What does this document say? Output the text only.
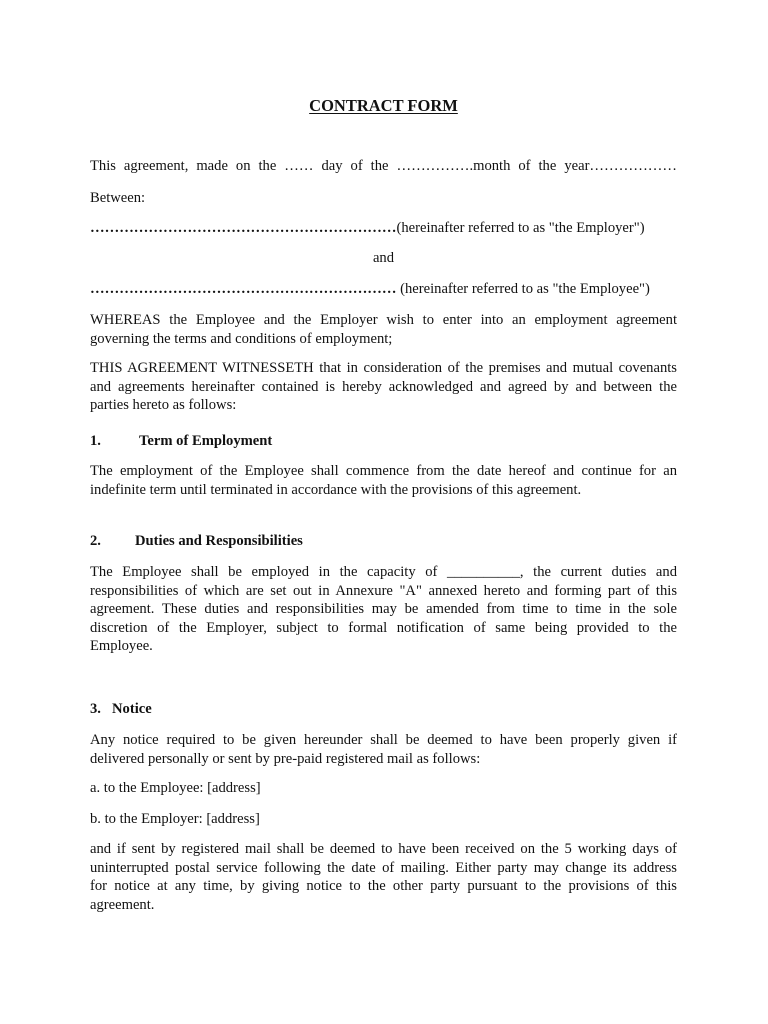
CONTRACT FORM
This agreement, made on the …… day of the …………….month of the year………………
Between:
………………………………………………………(hereinafter referred to as "the Employer")
and
……………………………………………………… (hereinafter referred to as "the Employee")
WHEREAS the Employee and the Employer wish to enter into an employment agreement
governing the terms and conditions of employment;
THIS AGREEMENT WITNESSETH that in consideration of the premises and mutual covenants
and agreements hereinafter contained is hereby acknowledged and agreed by and between the
parties hereto as follows:
1.	Term of Employment
The employment of the Employee shall commence from the date hereof and continue for an
indefinite term until terminated in accordance with the provisions of this agreement.
2. Duties and Responsibilities
The Employee shall be employed in the capacity of __________, the current duties and
responsibilities of which are set out in Annexure "A" annexed hereto and forming part of this
agreement. These duties and responsibilities may be amended from time to time in the sole
discretion of the Employer, subject to formal notification of same being provided to the
Employee.
3. Notice
Any notice required to be given hereunder shall be deemed to have been properly given if
delivered personally or sent by pre-paid registered mail as follows:
a. to the Employee: [address]
b. to the Employer: [address]
and if sent by registered mail shall be deemed to have been received on the 5 working days of
uninterrupted postal service following the date of mailing. Either party may change its address
for notice at any time, by giving notice to the other party pursuant to the provisions of this
agreement.
